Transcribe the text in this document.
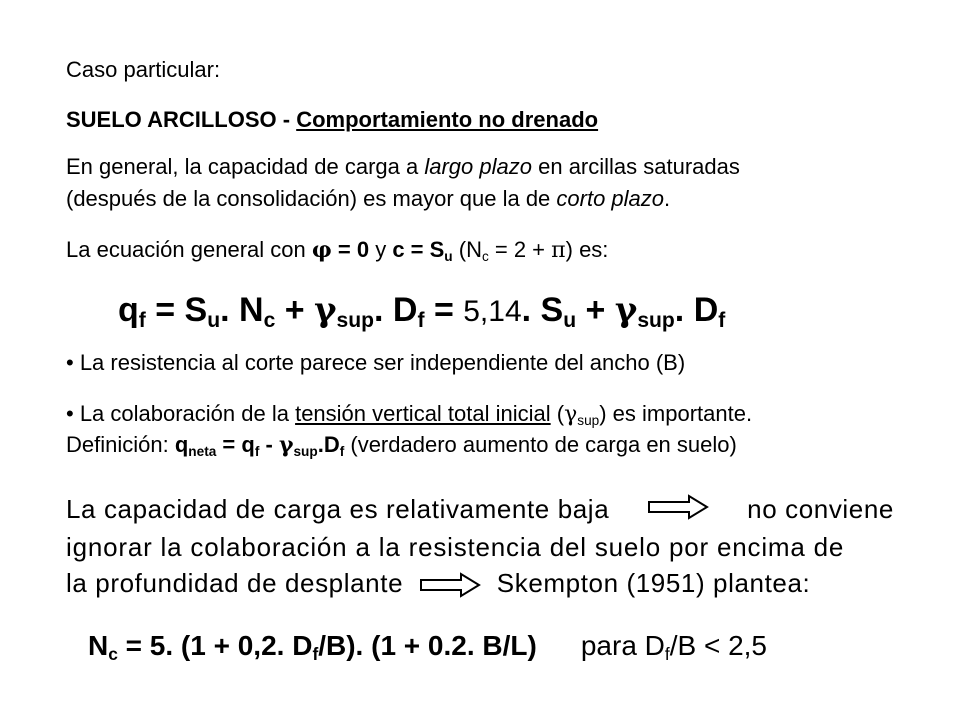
Caso particular:
SUELO ARCILLOSO - Comportamiento no drenado
En general, la capacidad de carga a largo plazo en arcillas saturadas
(después de la consolidación) es mayor que la de corto plazo.
La ecuación general con φ = 0 y $c = S_u$ $(N_c = 2 + \pi)$ es:
$q_f = S_u$. $N_c + \gamma_{sup}$. $D_f = 5,14$. $S_u + \gamma_{sup}$. $D_f$
• La resistencia al corte parece ser independiente del ancho (B)
• La colaboración de la tensión vertical total inicial $(\gamma_{sup})$ es importante.
Definición: $q_{neta} = q_f - \gamma_{sup}.D_f$ (verdadero aumento de carga en suelo)
La capacidad de carga es relativamente baja	no conviene
ignorar la colaboración a la resistencia del suelo por encima de
la profundidad de desplante	Skempton (1951) plantea:
$N_c = 5$. (1 + 0,2. $D_f/B$). (1 + 0.2. B/L) para $D_f/B < 2,5$
